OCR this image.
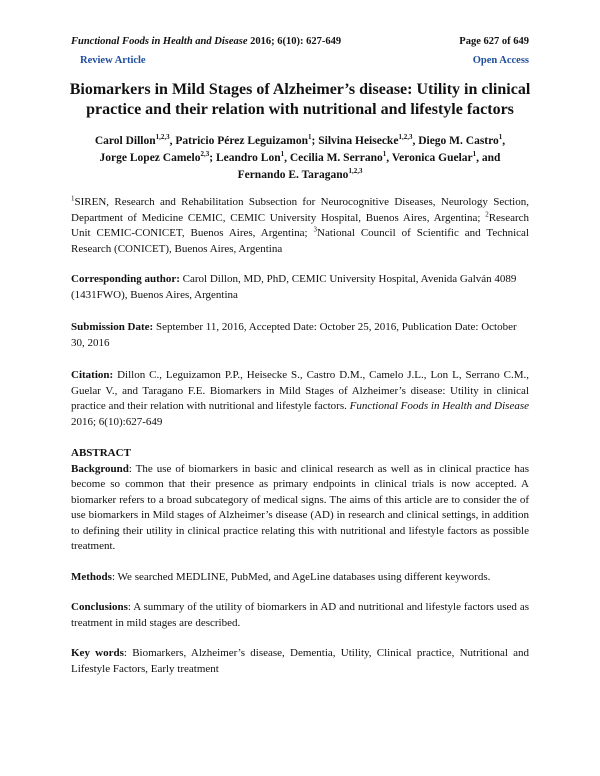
Functional Foods in Health and Disease 2016; 6(10): 627-649	Page 627 of 649
Review Article	Open Access
Biomarkers in Mild Stages of Alzheimer’s disease: Utility in clinical
practice and their relation with nutritional and lifestyle factors
Carol Dillon$^{1,2,3}$, Patricio Pérez Leguizamon$^1$; Silvina Heisecke$^{1,2,3}$, Diego M. Castro$^1$,
Jorge Lopez Camelo$^{2,3}$; Leandro Lon$^1$, Cecilia M. Serrano$^1$, Veronica Guelar$^1$, and
Fernando E. Taragano$^{1,2,3}$
$^1$SIREN, Research and Rehabilitation Subsection for Neurocognitive Diseases, Neurology Section, Department of Medicine CEMIC, CEMIC University Hospital, Buenos Aires, Argentina; $^2$Research Unit CEMIC-CONICET, Buenos Aires, Argentina; $^3$National Council of Scientific and Technical Research (CONICET), Buenos Aires, Argentina
Corresponding author: Carol Dillon, MD, PhD, CEMIC University Hospital, Avenida Galván 4089 (1431FWO), Buenos Aires, Argentina
Submission Date: September 11, 2016, Accepted Date: October 25, 2016, Publication Date: October 30, 2016
Citation: Dillon C., Leguizamon P.P., Heisecke S., Castro D.M., Camelo J.L., Lon L, Serrano C.M., Guelar V., and Taragano F.E. Biomarkers in Mild Stages of Alzheimer’s disease: Utility in clinical practice and their relation with nutritional and lifestyle factors. Functional Foods in Health and Disease 2016; 6(10):627-649
ABSTRACT
Background: The use of biomarkers in basic and clinical research as well as in clinical practice has become so common that their presence as primary endpoints in clinical trials is now accepted. A biomarker refers to a broad subcategory of medical signs. The aims of this article are to consider the of use biomarkers in Mild stages of Alzheimer’s disease (AD) in research and clinical settings, in addition to defining their utility in clinical practice relating this with nutritional and lifestyle factors as possible treatment.
Methods: We searched MEDLINE, PubMed, and AgeLine databases using different keywords.
Conclusions: A summary of the utility of biomarkers in AD and nutritional and lifestyle factors used as treatment in mild stages are described.
Key words: Biomarkers, Alzheimer’s disease, Dementia, Utility, Clinical practice, Nutritional and Lifestyle Factors, Early treatment
